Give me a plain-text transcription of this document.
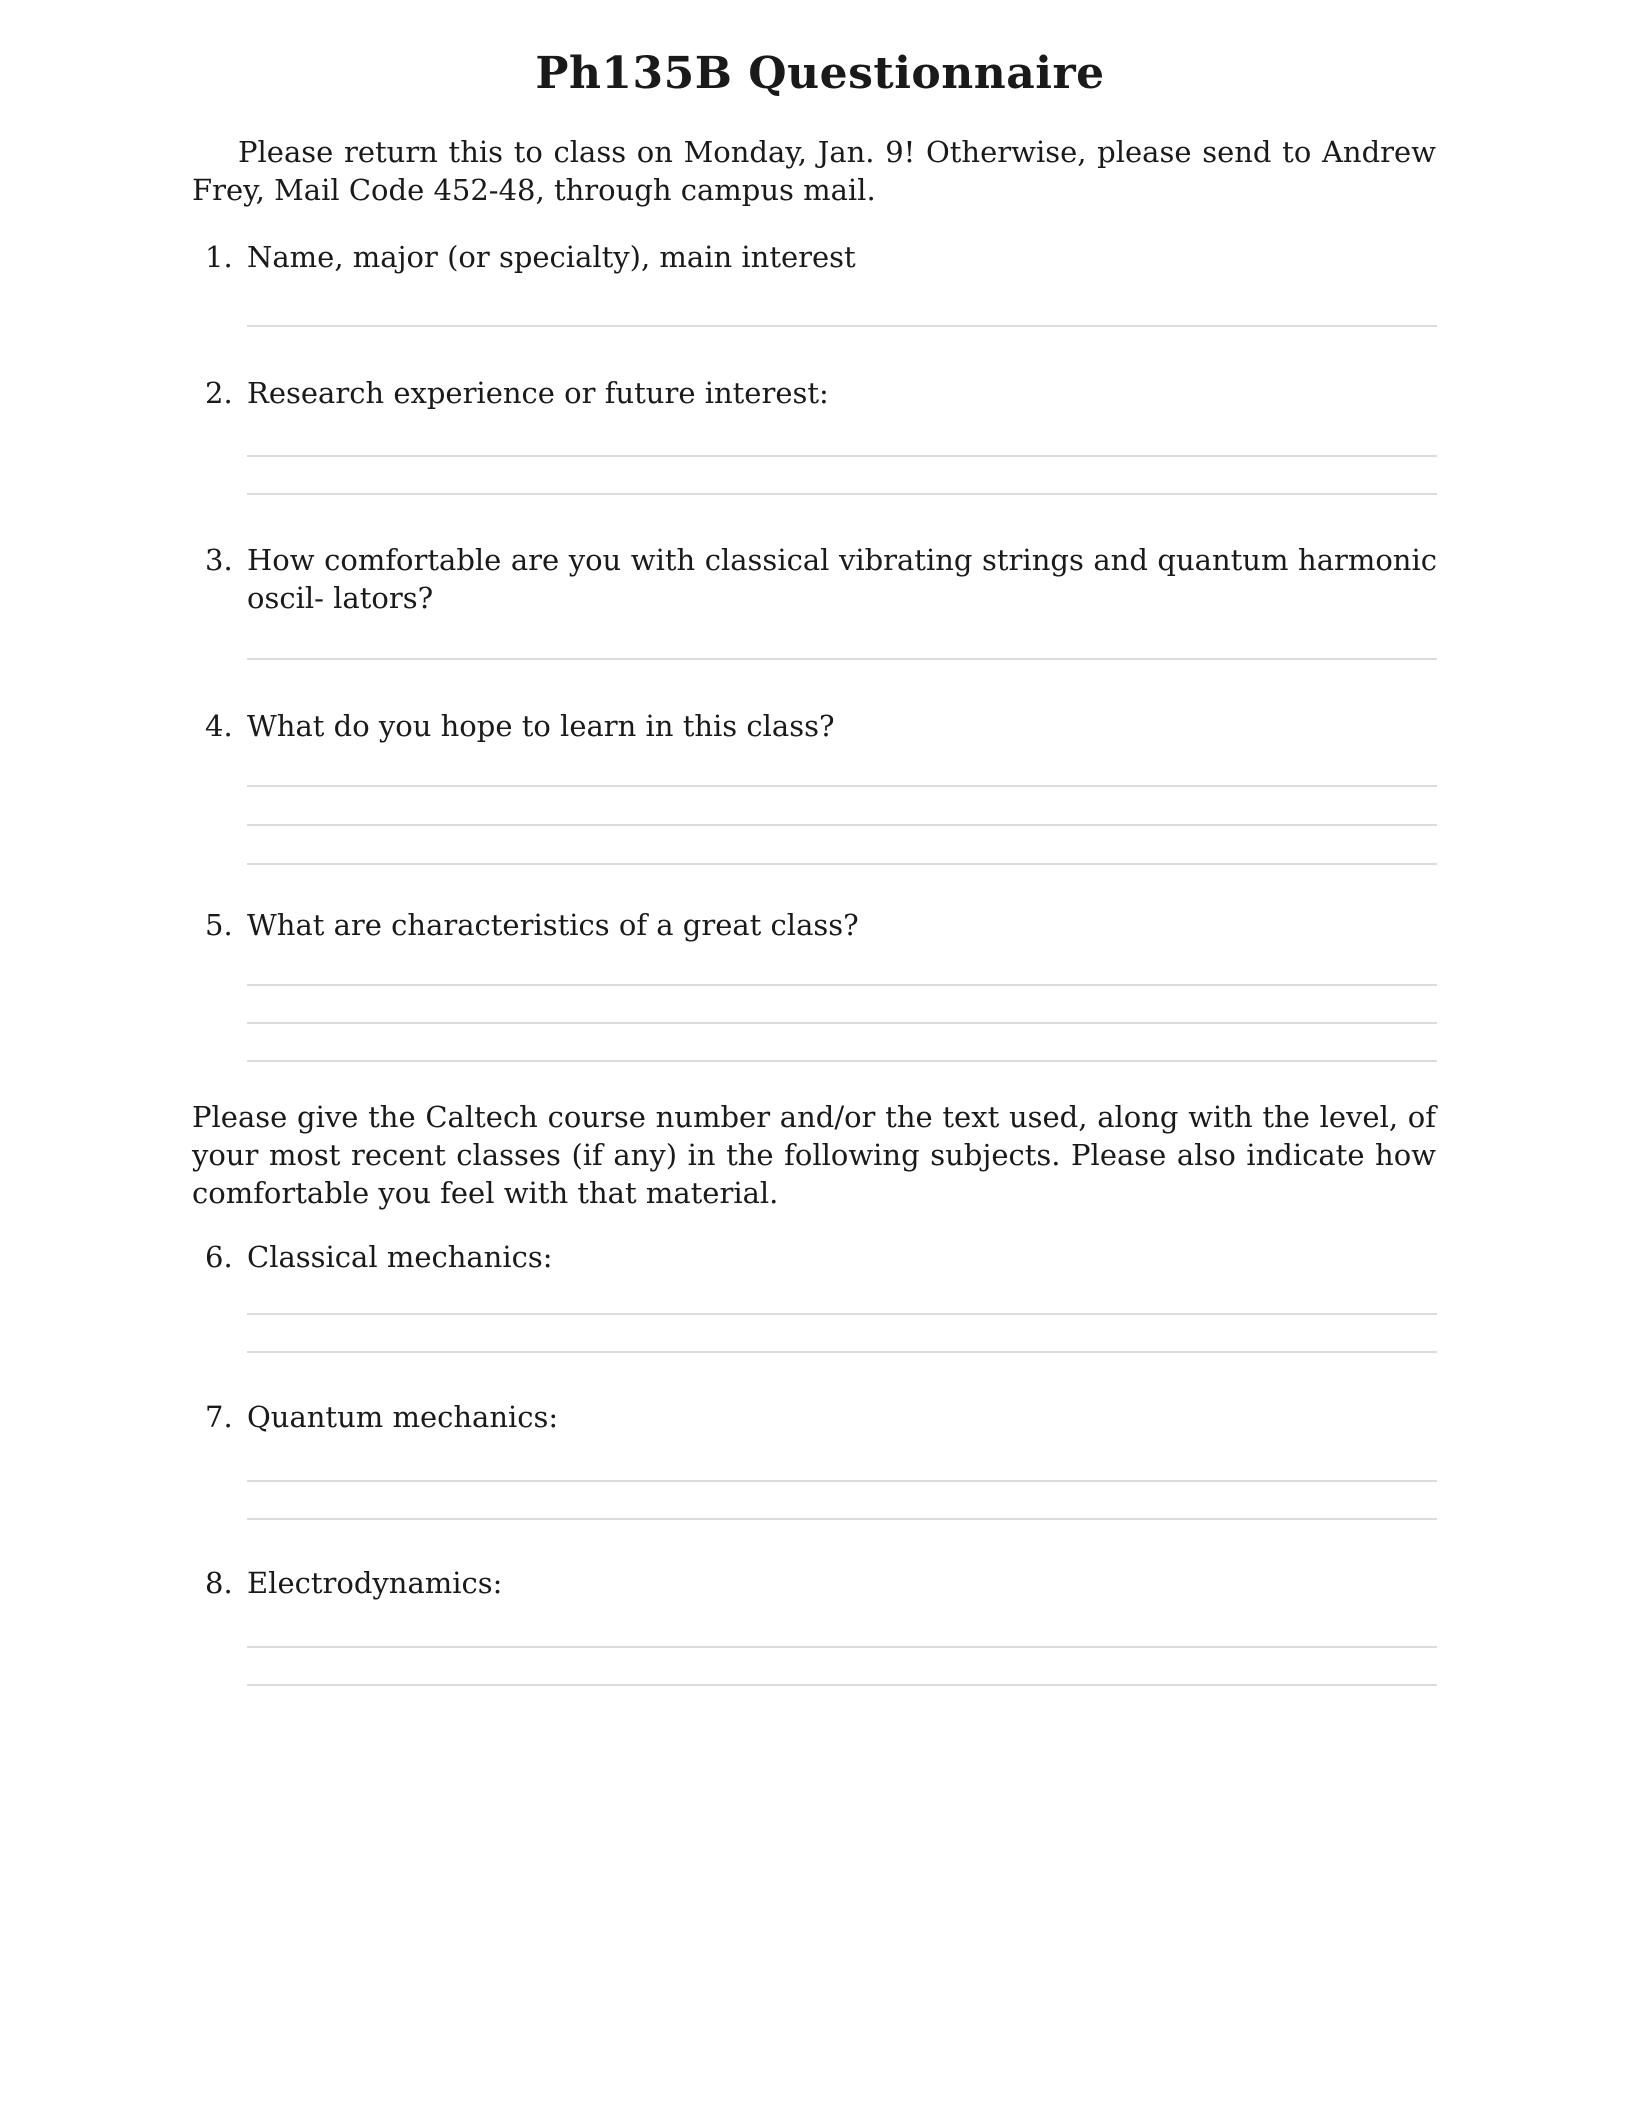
Ph135B Questionnaire
Please return this to class on Monday, Jan. 9! Otherwise, please send to Andrew Frey, Mail Code 452-48, through campus mail.
1. Name, major (or specialty), main interest
2. Research experience or future interest:
3. How comfortable are you with classical vibrating strings and quantum harmonic oscil- lators?
4. What do you hope to learn in this class?
5. What are characteristics of a great class?
Please give the Caltech course number and/or the text used, along with the level, of your most recent classes (if any) in the following subjects. Please also indicate how comfortable you feel with that material.
6. Classical mechanics:
7. Quantum mechanics:
8. Electrodynamics:
